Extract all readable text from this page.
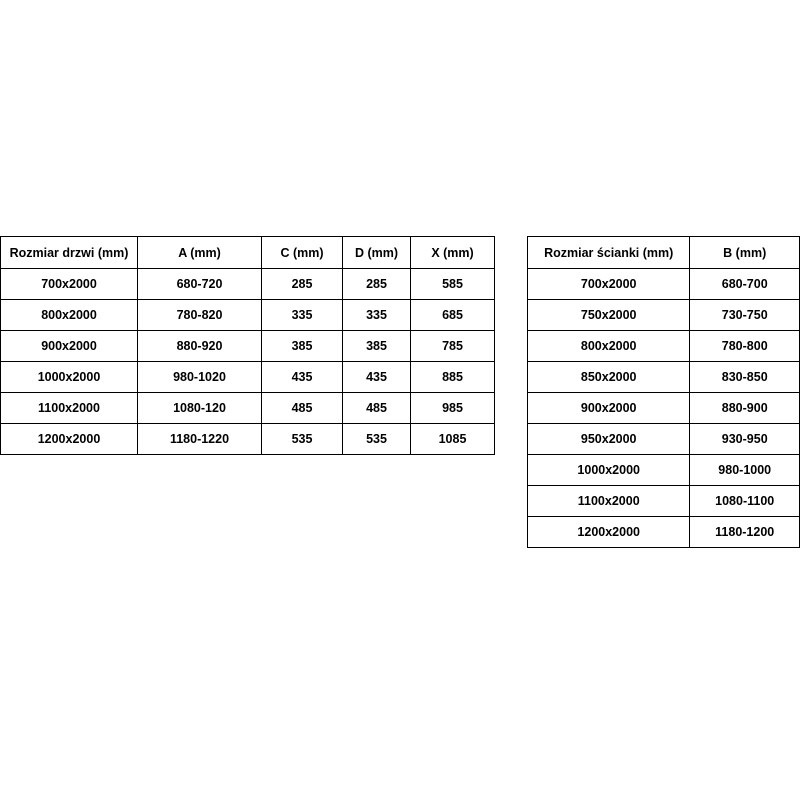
Rozmiar drzwi (mm)	A (mm)	C (mm)	D (mm)	X (mm)
700x2000	680-720	285	285	585
800x2000	780-820	335	335	685
900x2000	880-920	385	385	785
1000x2000	980-1020	435	435	885
1100x2000	1080-120	485	485	985
1200x2000	1180-1220	535	535	1085
Rozmiar ścianki (mm)	B (mm)
700x2000	680-700
750x2000	730-750
800x2000	780-800
850x2000	830-850
900x2000	880-900
950x2000	930-950
1000x2000	980-1000
1100x2000	1080-1100
1200x2000	1180-1200
